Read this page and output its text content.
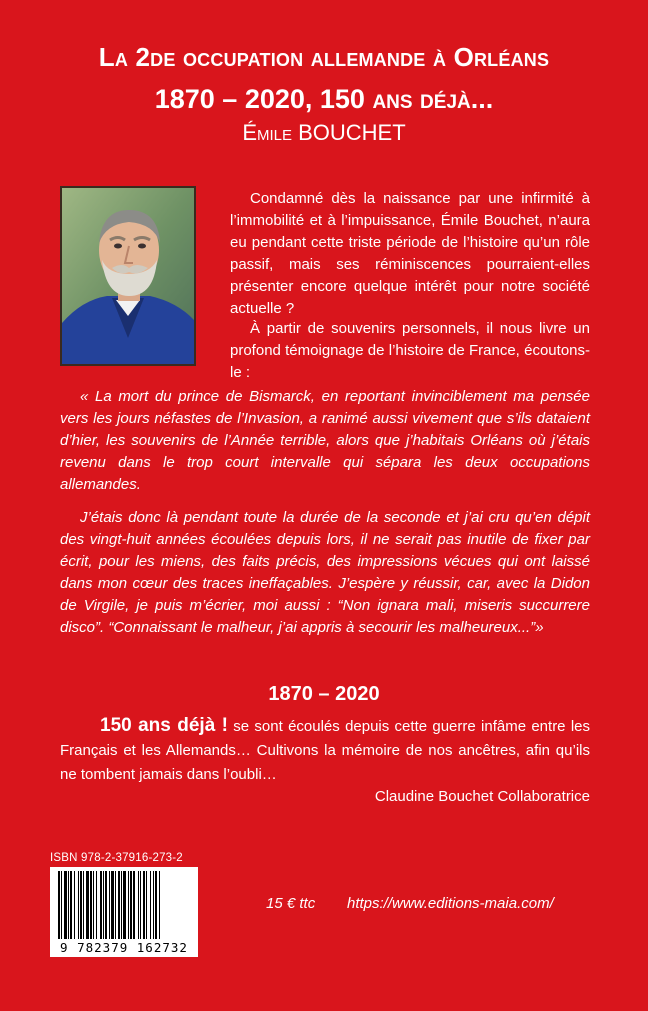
La 2de occupation allemande à Orléans
1870 – 2020, 150 ans déjà...
Émile BOUCHET
Condamné dès la naissance par une infirmité à l’immobilité et à l’impuissance, Émile Bouchet, n’aura eu pendant cette triste période de l’histoire qu’un rôle passif, mais ses réminiscences pourraient-elles présenter encore quelque intérêt pour notre société actuelle ?
À partir de souvenirs personnels, il nous livre un profond témoignage de l’histoire de France, écoutons-le :
« La mort du prince de Bismarck, en reportant invinciblement ma pensée vers les jours néfastes de l’Invasion, a ranimé aussi vivement que s’ils dataient d’hier, les souvenirs de l’Année terrible, alors que j’habitais Orléans où j’étais revenu dans le trop court intervalle qui sépara les deux occupations allemandes.
J’étais donc là pendant toute la durée de la seconde et j’ai cru qu’en dépit des vingt-huit années écoulées depuis lors, il ne serait pas inutile de fixer par écrit, pour les miens, des faits précis, des impressions vécues qui ont laissé dans mon cœur des traces ineffaçables. J’espère y réussir, car, avec la Didon de Virgile, je puis m’écrier, moi aussi : “Non ignara mali, miseris succurrere disco”. “Connaissant le malheur, j’ai appris à secourir les malheureux...”»
1870 – 2020
150 ans déjà ! se sont écoulés depuis cette guerre infâme entre les Français et les Allemands… Cultivons la mémoire de nos ancêtres, afin qu’ils ne tombent jamais dans l’oubli…
Claudine Bouchet Collaboratrice
ISBN 978-2-37916-273-2
9 782379 162732
15 € ttc https://www.editions-maia.com/
